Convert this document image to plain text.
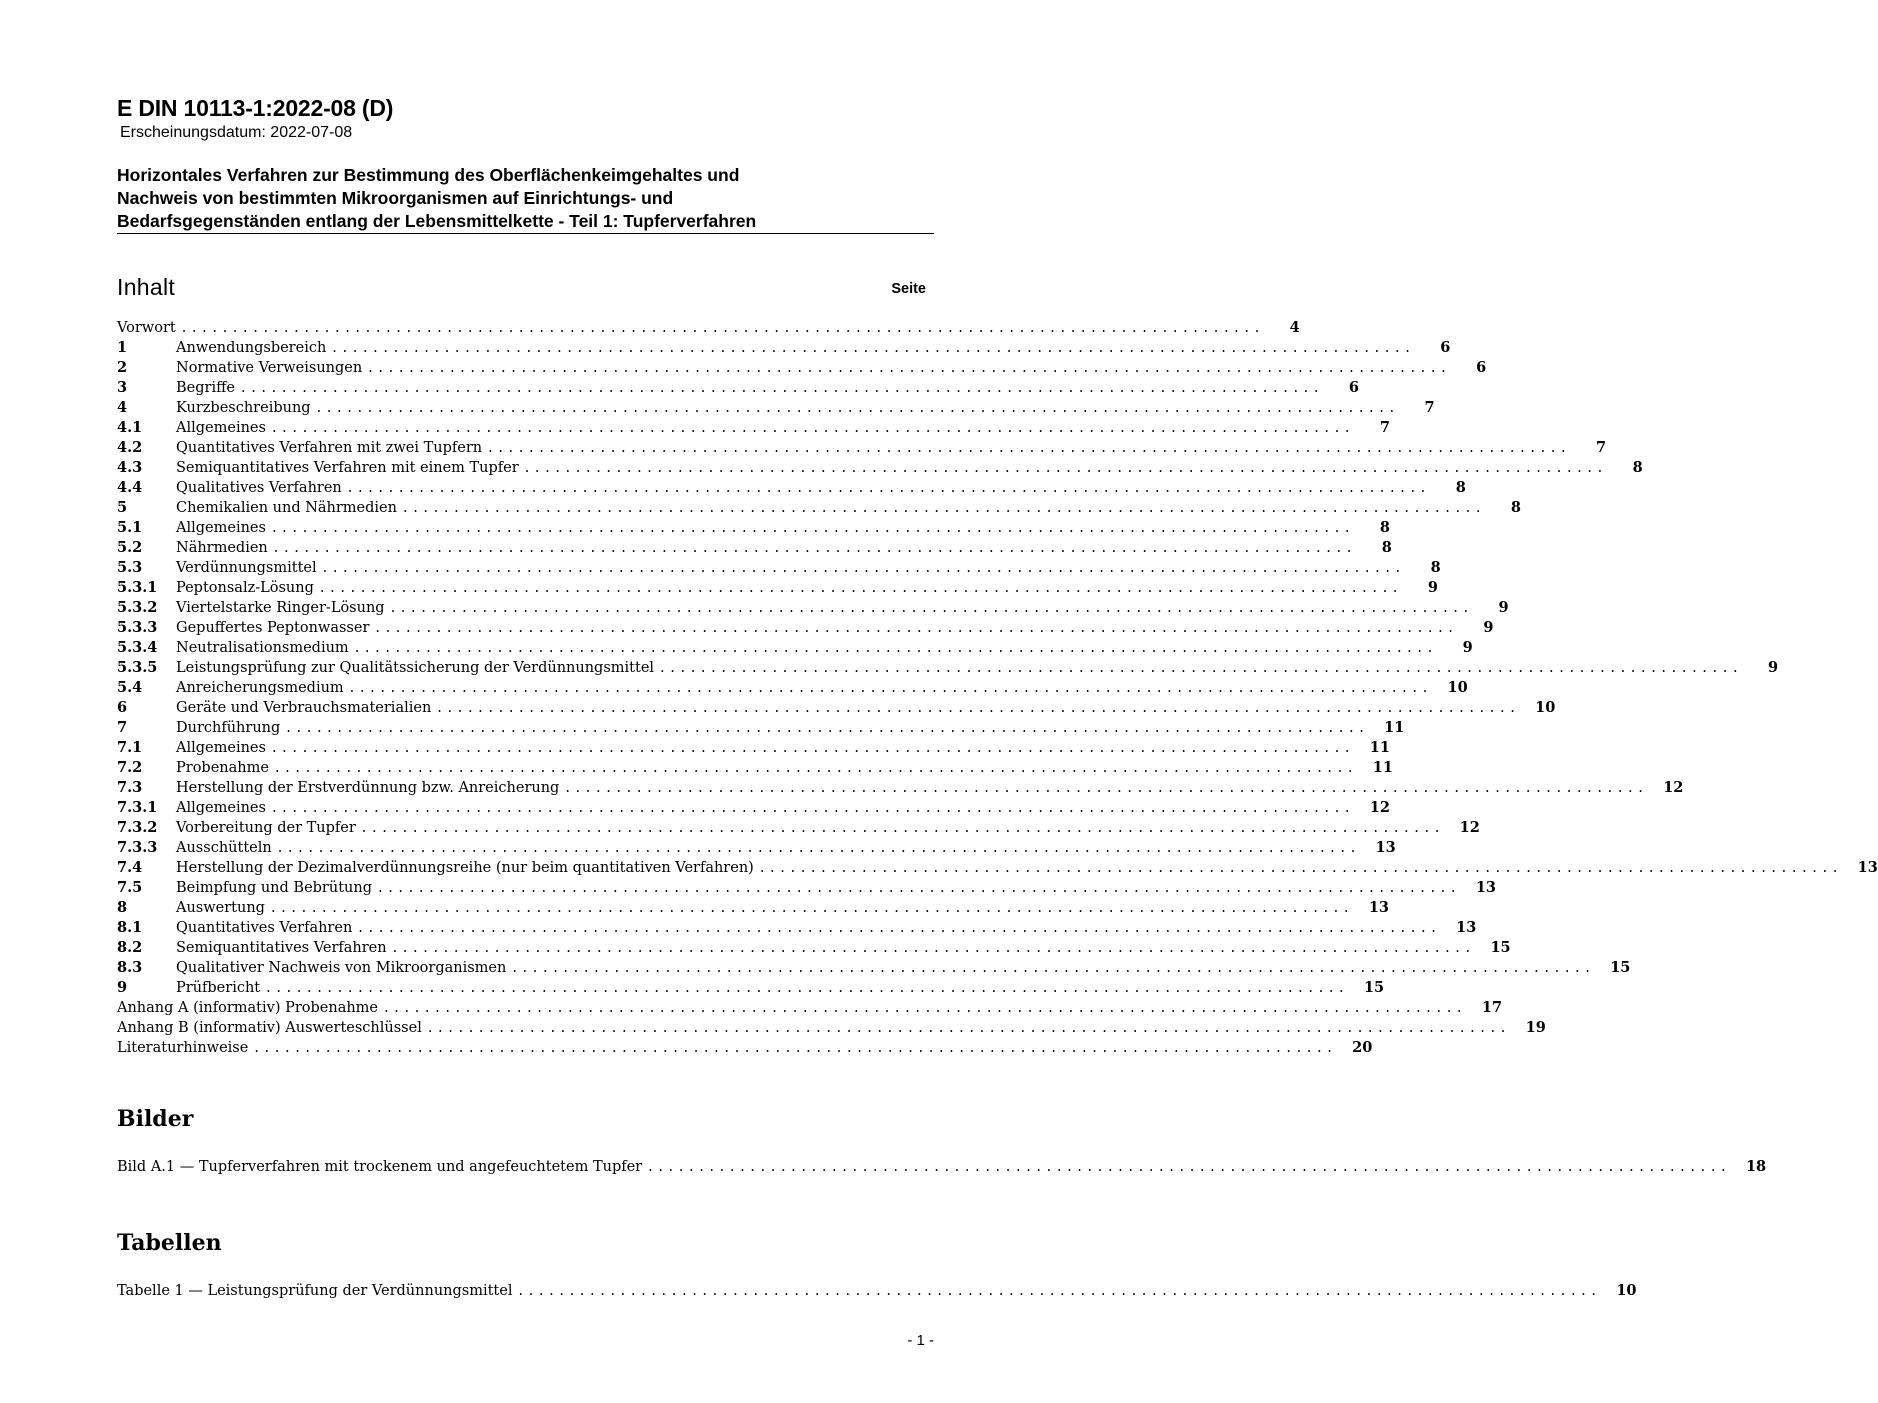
E DIN 10113-1:2022-08 (D)

Erscheinungsdatum: 2022-07-08

Horizontales Verfahren zur Bestimmung des Oberflächenkeimgehaltes und
Nachweis von bestimmten Mikroorganismen auf Einrichtungs- und
Bedarfsgegenständen entlang der Lebensmittelkette - Teil 1: Tupferverfahren
Inhalt	Seite

Vorwort . . .	4
1	Anwendungsbereich . . .	6
2	Normative Verweisungen . . .	6
3	Begriffe . . .	6
4	Kurzbeschreibung . . .	7
4.1	Allgemeines . . .	7
4.2	Quantitatives Verfahren mit zwei Tupfern . . .	7
4.3	Semiquantitatives Verfahren mit einem Tupfer . . .	8
4.4	Qualitatives Verfahren . . .	8
5	Chemikalien und Nährmedien . . .	8
5.1	Allgemeines . . .	8
5.2	Nährmedien . . .	8
5.3	Verdünnungsmittel . . .	8
5.3.1	Peptonsalz-Lösung . . .	9
5.3.2	Viertelstarke Ringer-Lösung . . .	9
5.3.3	Gepuffertes Peptonwasser . . .	9
5.3.4	Neutralisationsmedium . . .	9
5.3.5	Leistungsprüfung zur Qualitätssicherung der Verdünnungsmittel . . .	9
5.4	Anreicherungsmedium . . .	10
6	Geräte und Verbrauchsmaterialien . . .	10
7	Durchführung . . .	11
7.1	Allgemeines . . .	11
7.2	Probenahme . . .	11
7.3	Herstellung der Erstverdünnung bzw. Anreicherung . . .	12
7.3.1	Allgemeines . . .	12
7.3.2	Vorbereitung der Tupfer . . .	12
7.3.3	Ausschütteln . . .	13
7.4	Herstellung der Dezimalverdünnungsreihe (nur beim quantitativen Verfahren) . . .	13
7.5	Beimpfung und Bebrütung . . .	13
8	Auswertung . . .	13
8.1	Quantitatives Verfahren . . .	13
8.2	Semiquantitatives Verfahren . . .	15
8.3	Qualitativer Nachweis von Mikroorganismen . . .	15
9	Prüfbericht . . .	15
Anhang A (informativ) Probenahme . . .	17
Anhang B (informativ) Auswerteschlüssel . . .	19
Literaturhinweise . . .	20
Bilder
Bild A.1 — Tupferverfahren mit trockenem und angefeuchtetem Tupfer . . .	18
Tabellen
Tabelle 1 — Leistungsprüfung der Verdünnungsmittel . . .	10

- 1 -
